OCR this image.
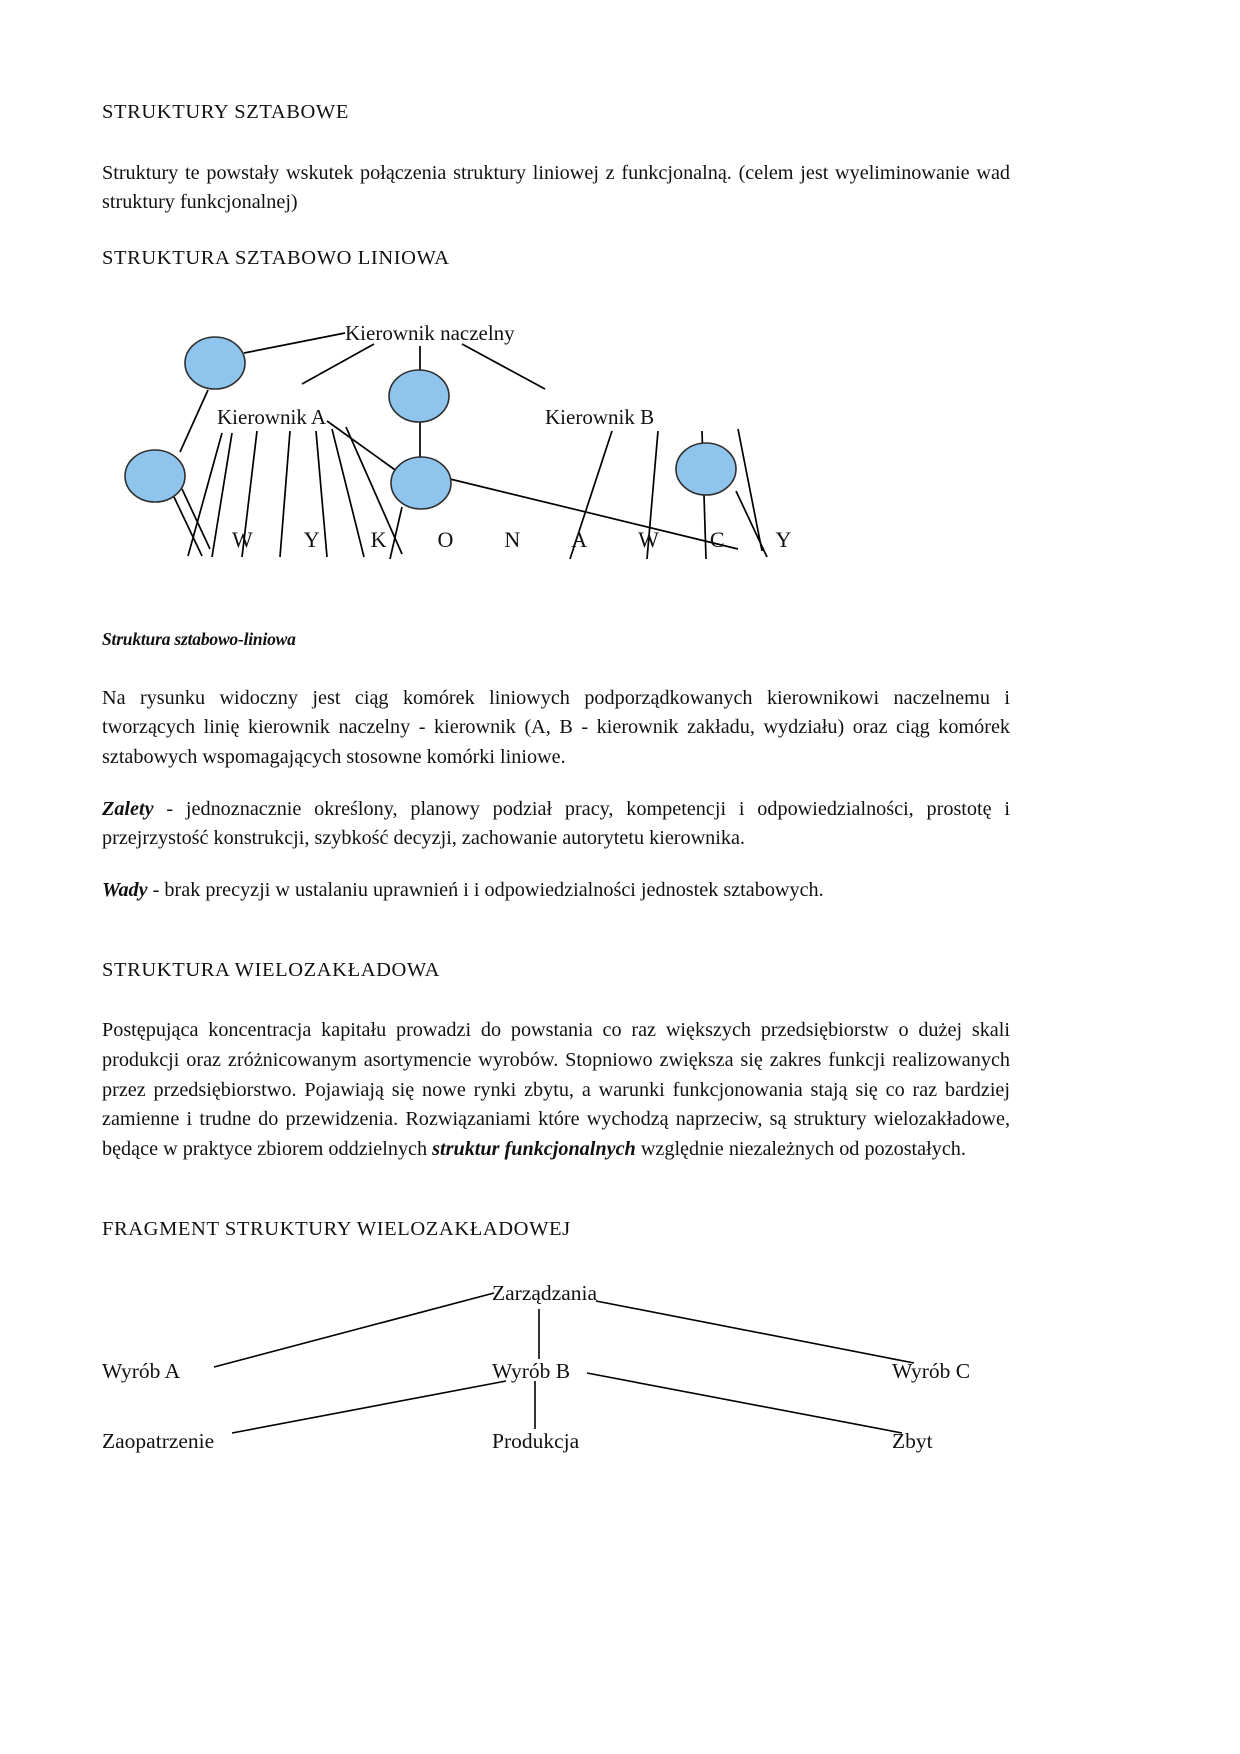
STRUKTURY SZTABOWE

Struktury te powstały wskutek połączenia struktury liniowej z funkcjonalną. (celem jest wyeliminowanie wad struktury funkcjonalnej)

STRUKTURA SZTABOWO LINIOWA
Kierownik naczelny
Kierownik A	Kierownik B
W Y K O N A W C Y

Struktura sztabowo-liniowa

Na rysunku widoczny jest ciąg komórek liniowych podporządkowanych kierownikowi naczelnemu i tworzących linię kierownik naczelny - kierownik (A, B - kierownik zakładu, wydziału) oraz ciąg komórek sztabowych wspomagających stosowne komórki liniowe.

Zalety - jednoznacznie określony, planowy podział pracy, kompetencji i odpowiedzialności, prostotę i przejrzystość konstrukcji, szybkość decyzji, zachowanie autorytetu kierownika.

Wady - brak precyzji w ustalaniu uprawnień i i odpowiedzialności jednostek sztabowych.

STRUKTURA WIELOZAKŁADOWA

Postępująca koncentracja kapitału prowadzi do powstania co raz większych przedsiębiorstw o dużej skali produkcji oraz zróżnicowanym asortymencie wyrobów. Stopniowo zwiększa się zakres funkcji realizowanych przez przedsiębiorstwo. Pojawiają się nowe rynki zbytu, a warunki funkcjonowania stają się co raz bardziej zamienne i trudne do przewidzenia. Rozwiązaniami które wychodzą naprzeciw, są struktury wielozakładowe, będące w praktyce zbiorem oddzielnych struktur funkcjonalnych względnie niezależnych od pozostałych.

FRAGMENT STRUKTURY WIELOZAKŁADOWEJ
Zarządzania
Wyrób A	Wyrób B	Wyrób C
Zaopatrzenie	Produkcja	Zbyt
